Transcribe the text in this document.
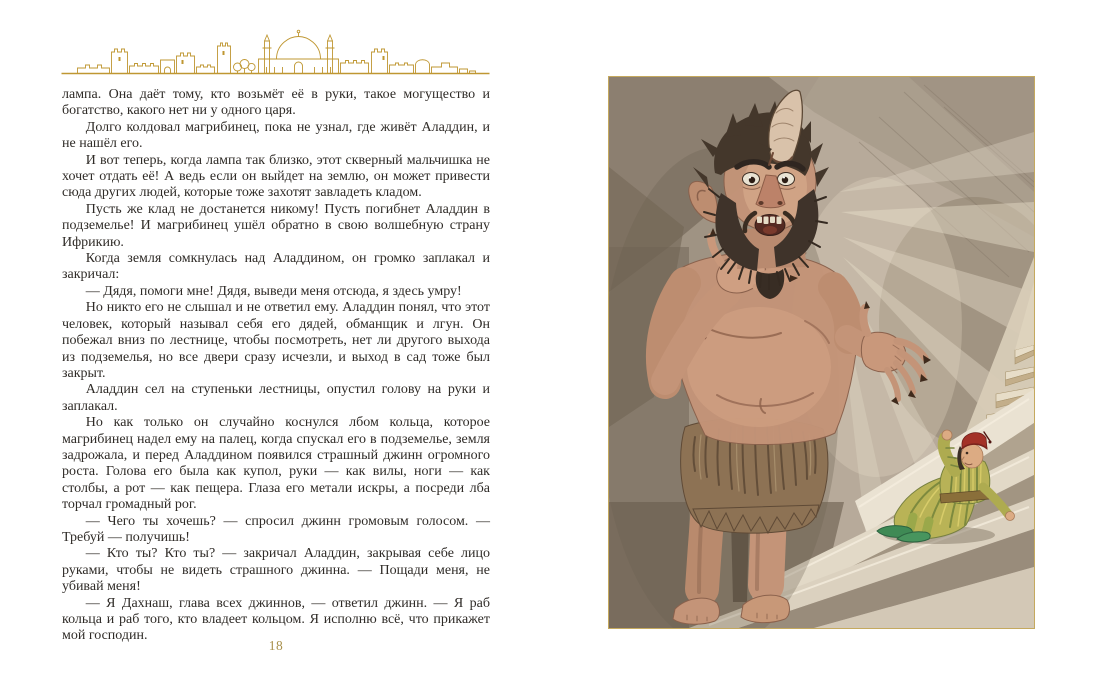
лампа. Она даёт тому, кто возьмёт её в руки, такое могущество и богатство, какого нет ни у одного царя.

Долго колдовал магрибинец, пока не узнал, где живёт Аладдин, и не нашёл его.

И вот теперь, когда лампа так близко, этот скверный мальчишка не хочет отдать её! А ведь если он выйдет на землю, он может привести сюда других людей, которые тоже захотят завладеть кладом.

Пусть же клад не достанется никому! Пусть погибнет Аладдин в подземелье! И магрибинец ушёл обратно в свою волшебную страну Ифрикию.

Когда земля сомкнулась над Аладдином, он громко заплакал и закричал:

— Дядя, помоги мне! Дядя, выведи меня отсюда, я здесь умру!

Но никто его не слышал и не ответил ему. Аладдин понял, что этот человек, который называл себя его дядей, обманщик и лгун. Он побежал вниз по лестнице, чтобы посмотреть, нет ли другого выхода из подземелья, но все двери сразу исчезли, и выход в сад тоже был закрыт.

Аладдин сел на ступеньки лестницы, опустил голову на руки и заплакал.

Но как только он случайно коснулся лбом кольца, которое магрибинец надел ему на палец, когда спускал его в подземелье, земля задрожала, и перед Аладдином появился страшный джинн огромного роста. Голова его была как купол, руки — как вилы, ноги — как столбы, а рот — как пещера. Глаза его метали искры, а посреди лба торчал громадный рог.

— Чего ты хочешь? — спросил джинн громовым голосом. — Требуй — получишь!

— Кто ты? Кто ты? — закричал Аладдин, закрывая себе лицо руками, чтобы не видеть страшного джинна. — Пощади меня, не убивай меня!

— Я Дахнаш, глава всех джиннов, — ответил джинн. — Я раб кольца и раб того, кто владеет кольцом. Я исполню всё, что прикажет мой господин.

18
